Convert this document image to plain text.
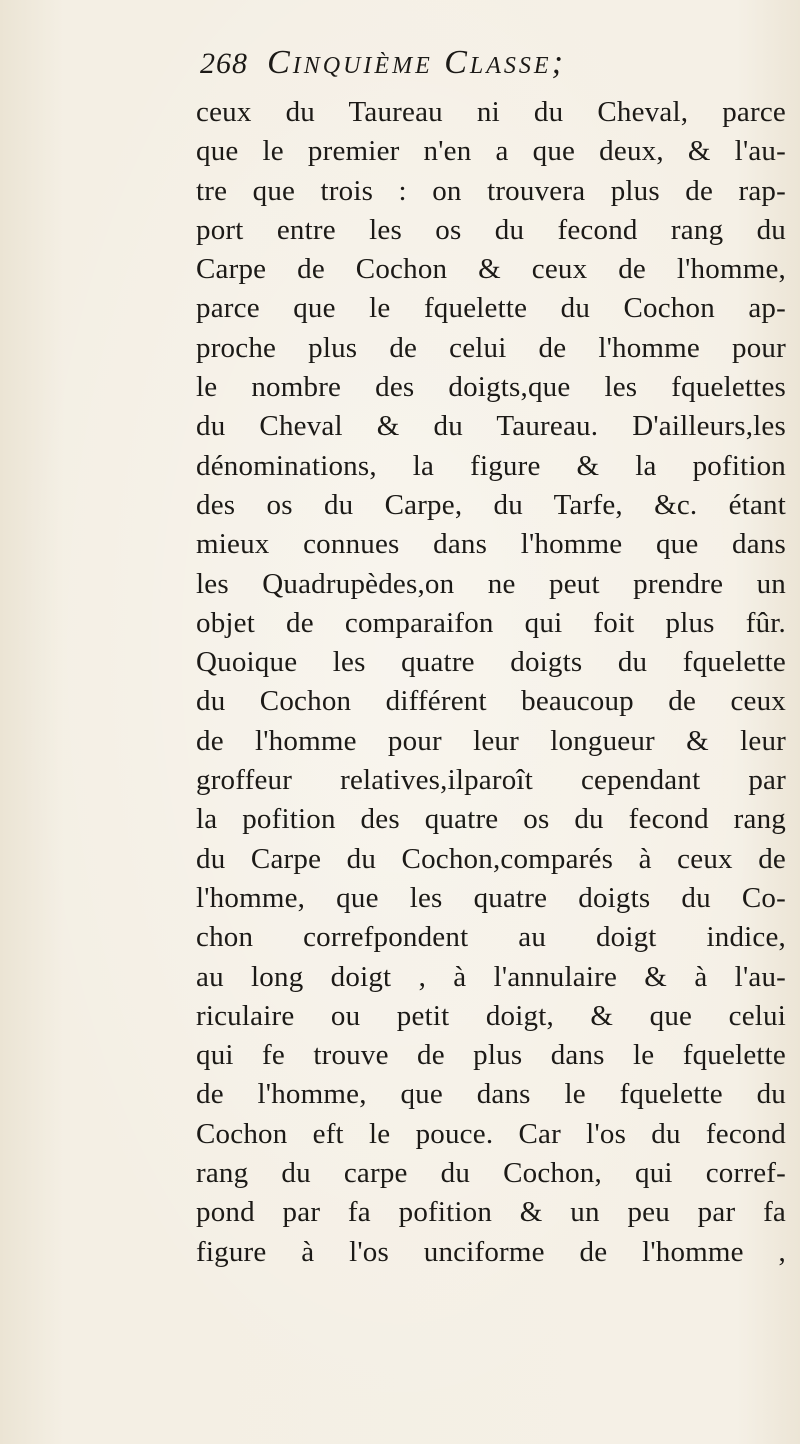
268 Cinquième Classe;
ceux du Taureau ni du Cheval, parce
que le premier n'en a que deux, & l'au-
tre que trois : on trouvera plus de rap-
port entre les os du fecond rang du
Carpe de Cochon & ceux de l'homme,
parce que le fquelette du Cochon ap-
proche plus de celui de l'homme pour
le nombre des doigts,que les fquelettes
du Cheval & du Taureau. D'ailleurs,les
dénominations, la figure & la pofition
des os du Carpe, du Tarfe, &c. étant
mieux connues dans l'homme que dans
les Quadrupèdes,on ne peut prendre un
objet de comparaifon qui foit plus fûr.
Quoique les quatre doigts du fquelette
du Cochon différent beaucoup de ceux
de l'homme pour leur longueur & leur
groffeur relatives,ilparoît cependant par
la pofition des quatre os du fecond rang
du Carpe du Cochon,comparés à ceux de
l'homme, que les quatre doigts du Co-
chon correfpondent au doigt indice,
au long doigt , à l'annulaire & à l'au-
riculaire ou petit doigt, & que celui
qui fe trouve de plus dans le fquelette
de l'homme, que dans le fquelette du
Cochon eft le pouce. Car l'os du fecond
rang du carpe du Cochon, qui corref-
pond par fa pofition & un peu par fa
figure à l'os unciforme de l'homme ,
